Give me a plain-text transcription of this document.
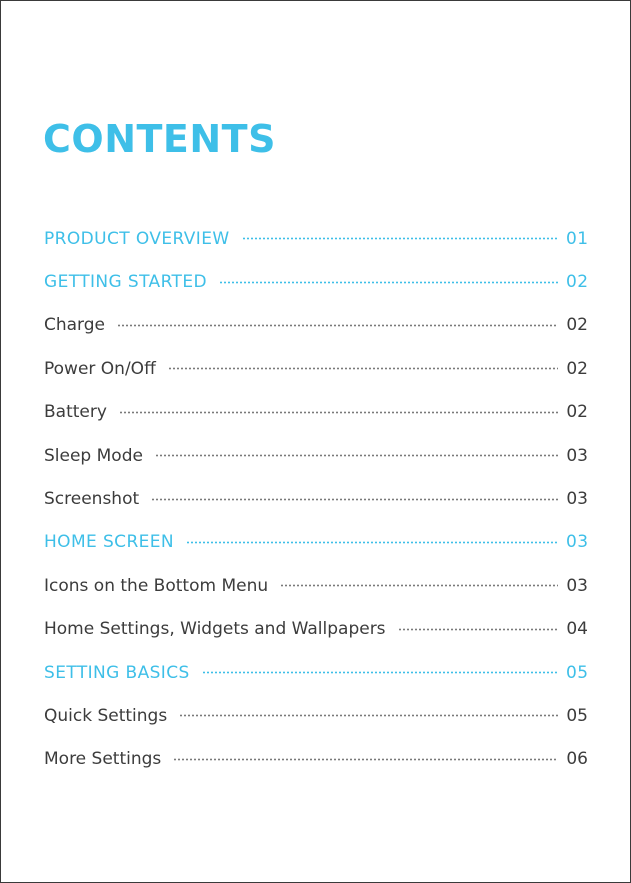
CONTENTS
PRODUCT OVERVIEW	01
GETTING STARTED	02
Charge	02
Power On/Off	02
Battery	02
Sleep Mode	03
Screenshot	03
HOME SCREEN	03
Icons on the Bottom Menu	03
Home Settings, Widgets and Wallpapers	04
SETTING BASICS	05
Quick Settings	05
More Settings	06
